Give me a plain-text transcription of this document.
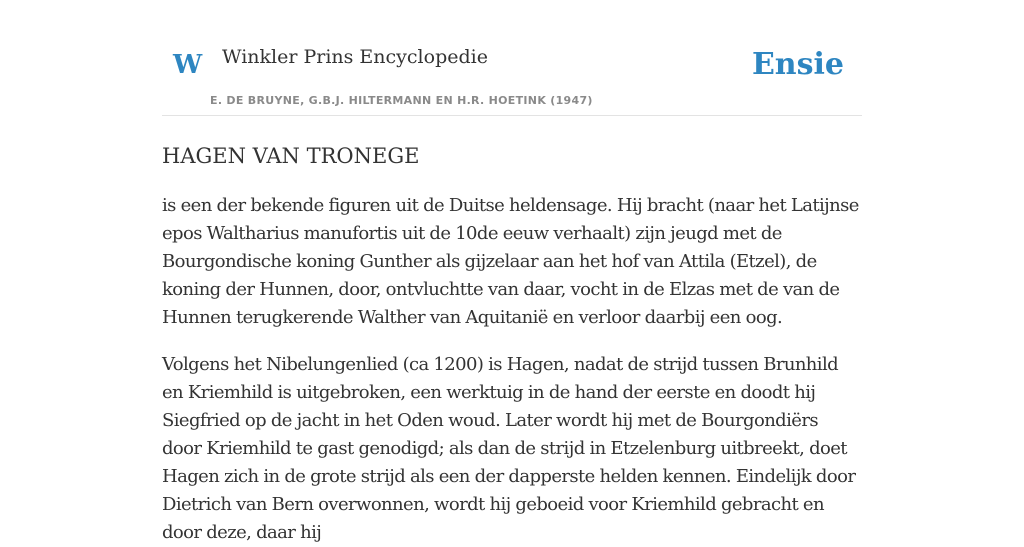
W Winkler Prins Encyclopedie
E. DE BRUYNE, G.B.J. HILTERMANN EN H.R. HOETINK (1947)
Ensie
HAGEN VAN TRONEGE

is een der bekende figuren uit de Duitse heldensage. Hij bracht (naar het Latijnse epos Waltharius manufortis uit de 10de eeuw verhaalt) zijn jeugd met de Bourgondische koning Gunther als gijzelaar aan het hof van Attila (Etzel), de koning der Hunnen, door, ontvluchtte van daar, vocht in de Elzas met de van de Hunnen terugkerende Walther van Aquitanië en verloor daarbij een oog.

Volgens het Nibelungenlied (ca 1200) is Hagen, nadat de strijd tussen Brunhild en Kriemhild is uitgebroken, een werktuig in de hand der eerste en doodt hij Siegfried op de jacht in het Oden woud. Later wordt hij met de Bourgondiërs door Kriemhild te gast genodigd; als dan de strijd in Etzelenburg uitbreekt, doet Hagen zich in de grote strijd als een der dapperste helden kennen. Eindelijk door Dietrich van Bern overwonnen, wordt hij geboeid voor Kriemhild gebracht en door deze, daar hij
